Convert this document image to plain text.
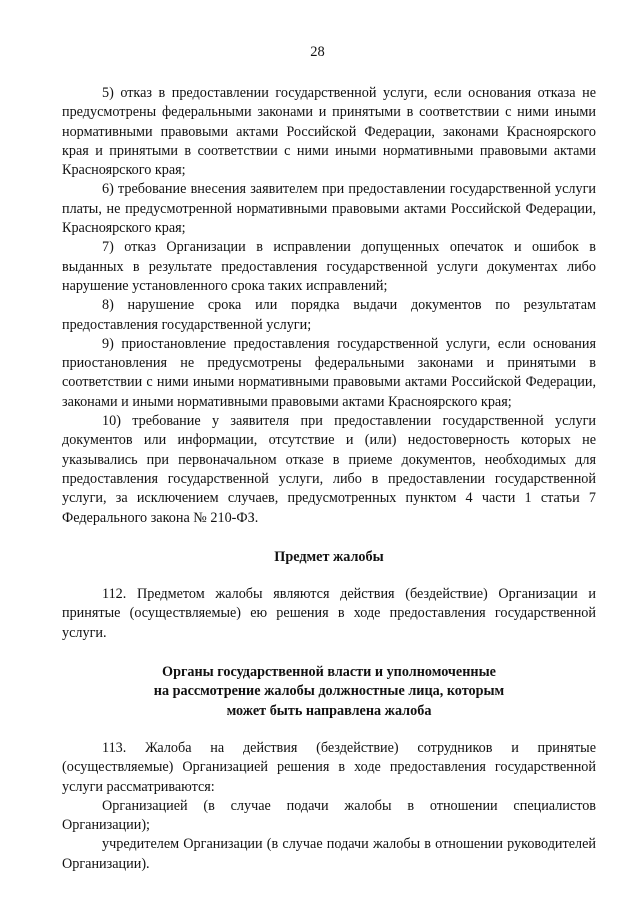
28

5) отказ в предоставлении государственной услуги, если основания отказа не предусмотрены федеральными законами и принятыми в соответствии с ними иными нормативными правовыми актами Российской Федерации, законами Красноярского края и принятыми в соответствии с ними иными нормативными правовыми актами Красноярского края;

6) требование внесения заявителем при предоставлении государственной услуги платы, не предусмотренной нормативными правовыми актами Российской Федерации, Красноярского края;

7) отказ Организации в исправлении допущенных опечаток и ошибок в выданных в результате предоставления государственной услуги документах либо нарушение установленного срока таких исправлений;

8) нарушение срока или порядка выдачи документов по результатам предоставления государственной услуги;

9) приостановление предоставления государственной услуги, если основания приостановления не предусмотрены федеральными законами и принятыми в соответствии с ними иными нормативными правовыми актами Российской Федерации, законами и иными нормативными правовыми актами Красноярского края;

10) требование у заявителя при предоставлении государственной услуги документов или информации, отсутствие и (или) недостоверность которых не указывались при первоначальном отказе в приеме документов, необходимых для предоставления государственной услуги, либо в предоставлении государственной услуги, за исключением случаев, предусмотренных пунктом 4 части 1 статьи 7 Федерального закона № 210-ФЗ.

Предмет жалобы

112. Предметом жалобы являются действия (бездействие) Организации и принятые (осуществляемые) ею решения в ходе предоставления государственной услуги.

Органы государственной власти и уполномоченные
на рассмотрение жалобы должностные лица, которым
может быть направлена жалоба

113. Жалоба на действия (бездействие) сотрудников и принятые (осуществляемые) Организацией решения в ходе предоставления государственной услуги рассматриваются:

Организацией (в случае подачи жалобы в отношении специалистов Организации);

учредителем Организации (в случае подачи жалобы в отношении руководителей Организации).
